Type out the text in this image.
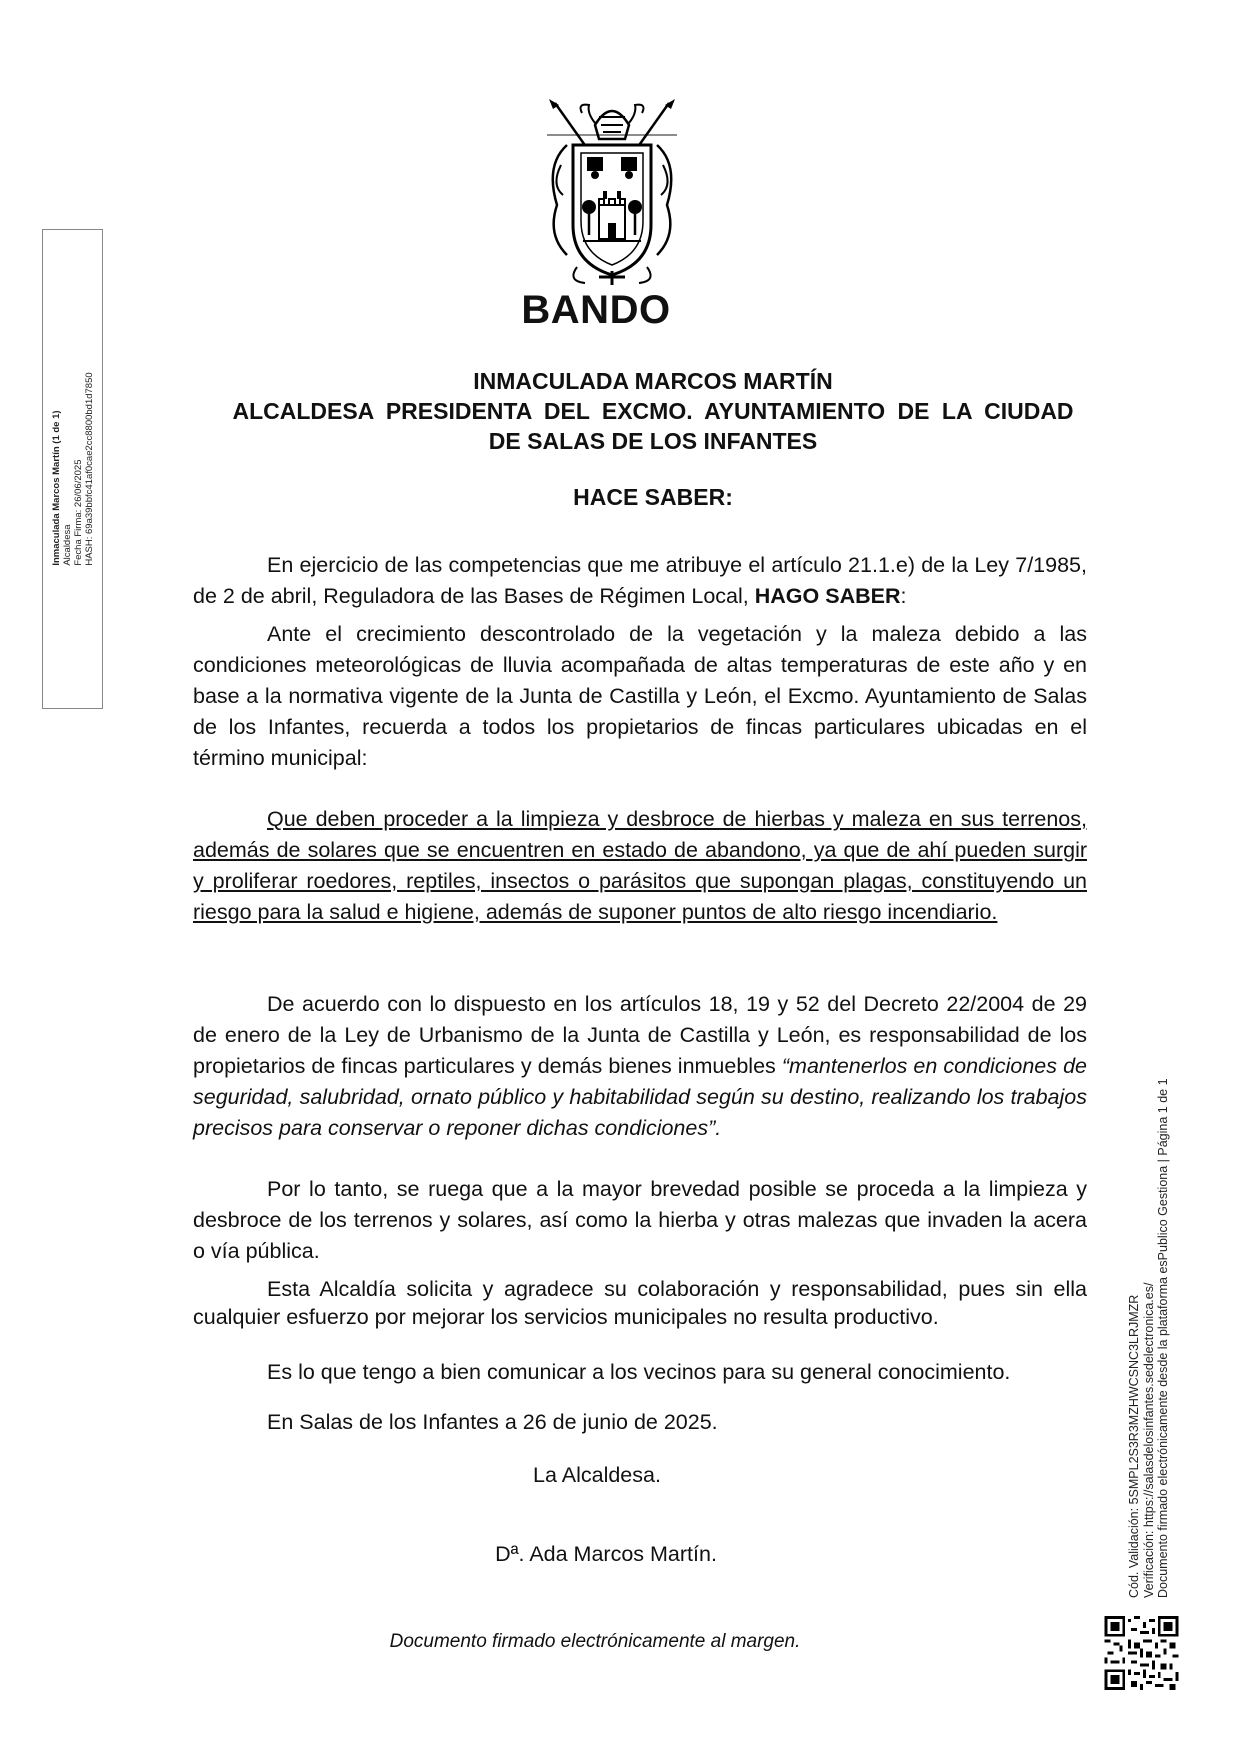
BANDO
INMACULADA MARCOS MARTÍN
ALCALDESA PRESIDENTA DEL EXCMO. AYUNTAMIENTO DE LA CIUDAD
DE SALAS DE LOS INFANTES
HACE SABER:

En ejercicio de las competencias que me atribuye el artículo 21.1.e) de la Ley 7/1985, de 2 de abril, Reguladora de las Bases de Régimen Local, HAGO SABER:

Ante el crecimiento descontrolado de la vegetación y la maleza debido a las condiciones meteorológicas de lluvia acompañada de altas temperaturas de este año y en base a la normativa vigente de la Junta de Castilla y León, el Excmo. Ayuntamiento de Salas de los Infantes, recuerda a todos los propietarios de fincas particulares ubicadas en el término municipal:

Que deben proceder a la limpieza y desbroce de hierbas y maleza en sus terrenos, además de solares que se encuentren en estado de abandono, ya que de ahí pueden surgir y proliferar roedores, reptiles, insectos o parásitos que supongan plagas, constituyendo un riesgo para la salud e higiene, además de suponer puntos de alto riesgo incendiario.

De acuerdo con lo dispuesto en los artículos 18, 19 y 52 del Decreto 22/2004 de 29 de enero de la Ley de Urbanismo de la Junta de Castilla y León, es responsabilidad de los propietarios de fincas particulares y demás bienes inmuebles “mantenerlos en condiciones de seguridad, salubridad, ornato público y habitabilidad según su destino, realizando los trabajos precisos para conservar o reponer dichas condiciones”.

Por lo tanto, se ruega que a la mayor brevedad posible se proceda a la limpieza y desbroce de los terrenos y solares, así como la hierba y otras malezas que invaden la acera o vía pública.

Esta Alcaldía solicita y agradece su colaboración y responsabilidad, pues sin ella cualquier esfuerzo por mejorar los servicios municipales no resulta productivo.

Es lo que tengo a bien comunicar a los vecinos para su general conocimiento.

En Salas de los Infantes a 26 de junio de 2025.
La Alcaldesa.
Dª. Ada Marcos Martín.
Documento firmado electrónicamente al margen.
Inmaculada Marcos Martín (1 de 1) Alcaldesa Fecha Firma: 26/06/2025 HASH: 69a39bbfc41af0cae2cc8800bd1d7850
Cód. Validación: 5SMPL2S3R3MZHWCSNC3LRJMZR Verificación: https://salasdelosinfantes.sedelectronica.es/ Documento firmado electrónicamente desde la plataforma esPublico Gestiona | Página 1 de 1
